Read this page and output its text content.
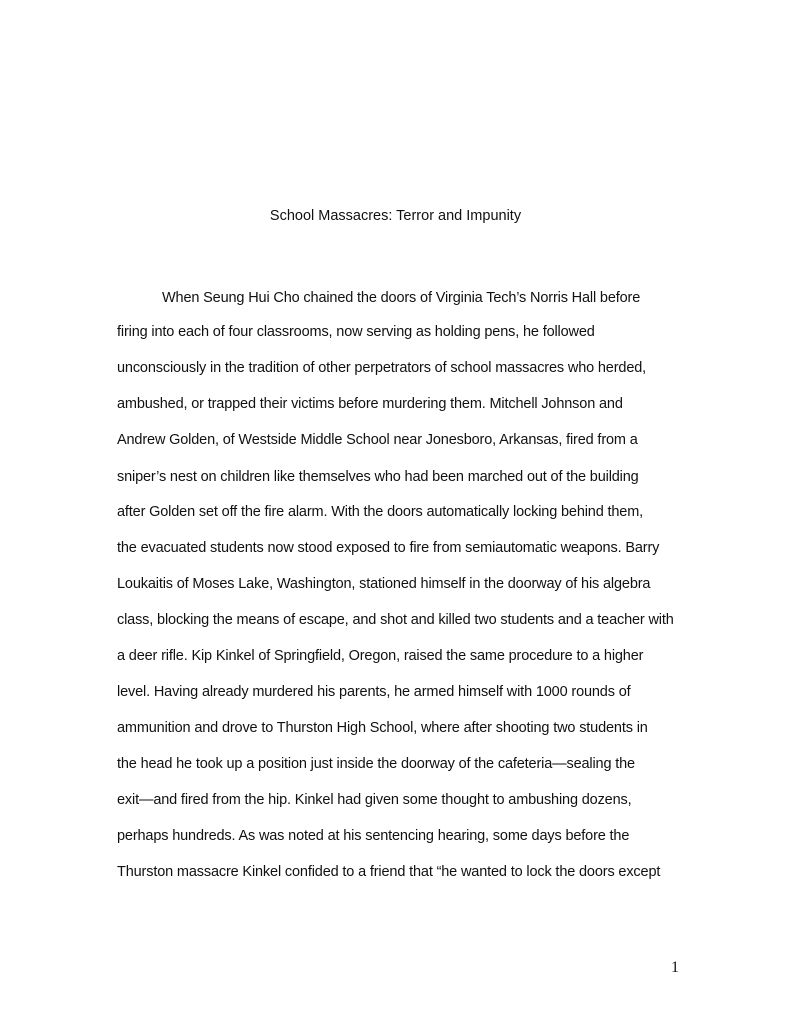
School Massacres: Terror and Impunity
When Seung Hui Cho chained the doors of Virginia Tech’s Norris Hall before
firing into each of four classrooms, now serving as holding pens, he followed
unconsciously in the tradition of other perpetrators of school massacres who herded,
ambushed, or trapped their victims before murdering them. Mitchell Johnson and
Andrew Golden, of Westside Middle School near Jonesboro, Arkansas, fired from a
sniper’s nest on children like themselves who had been marched out of the building
after Golden set off the fire alarm. With the doors automatically locking behind them,
the evacuated students now stood exposed to fire from semiautomatic weapons. Barry
Loukaitis of Moses Lake, Washington, stationed himself in the doorway of his algebra
class, blocking the means of escape, and shot and killed two students and a teacher with
a deer rifle. Kip Kinkel of Springfield, Oregon, raised the same procedure to a higher
level. Having already murdered his parents, he armed himself with 1000 rounds of
ammunition and drove to Thurston High School, where after shooting two students in
the head he took up a position just inside the doorway of the cafeteria—sealing the
exit—and fired from the hip. Kinkel had given some thought to ambushing dozens,
perhaps hundreds. As was noted at his sentencing hearing, some days before the
Thurston massacre Kinkel confided to a friend that “he wanted to lock the doors except
1
